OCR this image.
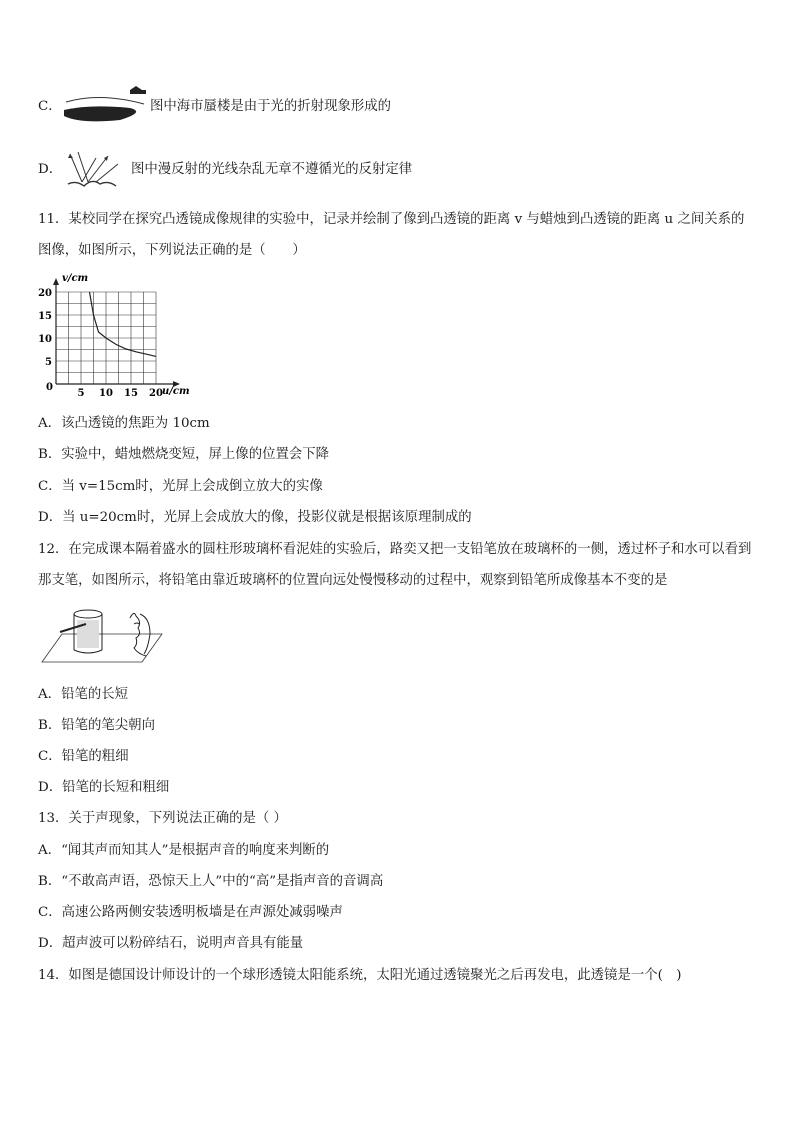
C．	图中海市蜃楼是由于光的折射现象形成的
D．	图中漫反射的光线杂乱无章不遵循光的反射定律
11．某校同学在探究凸透镜成像规律的实验中，记录并绘制了像到凸透镜的距离 v 与蜡烛到凸透镜的距离 u 之间关系的图像，如图所示，下列说法正确的是（　　）
5 10 15 20
5
10
15
20
v/cm
u/cm
0
A．该凸透镜的焦距为 10cm
B．实验中，蜡烛燃烧变短，屏上像的位置会下降
C．当 v=15cm时，光屏上会成倒立放大的实像
D．当 u=20cm时，光屏上会成放大的像，投影仪就是根据该原理制成的
12．在完成课本隔着盛水的圆柱形玻璃杯看泥娃的实验后，路奕又把一支铅笔放在玻璃杯的一侧，透过杯子和水可以看到那支笔，如图所示，将铅笔由靠近玻璃杯的位置向远处慢慢移动的过程中，观察到铅笔所成像基本不变的是
A．铅笔的长短
B．铅笔的笔尖朝向
C．铅笔的粗细
D．铅笔的长短和粗细
13．关于声现象，下列说法正确的是（ ）
A．“闻其声而知其人”是根据声音的响度来判断的
B．“不敢高声语，恐惊天上人”中的“高”是指声音的音调高
C．高速公路两侧安装透明板墙是在声源处减弱噪声
D．超声波可以粉碎结石，说明声音具有能量
14．如图是德国设计师设计的一个球形透镜太阳能系统，太阳光通过透镜聚光之后再发电，此透镜是一个(　)
